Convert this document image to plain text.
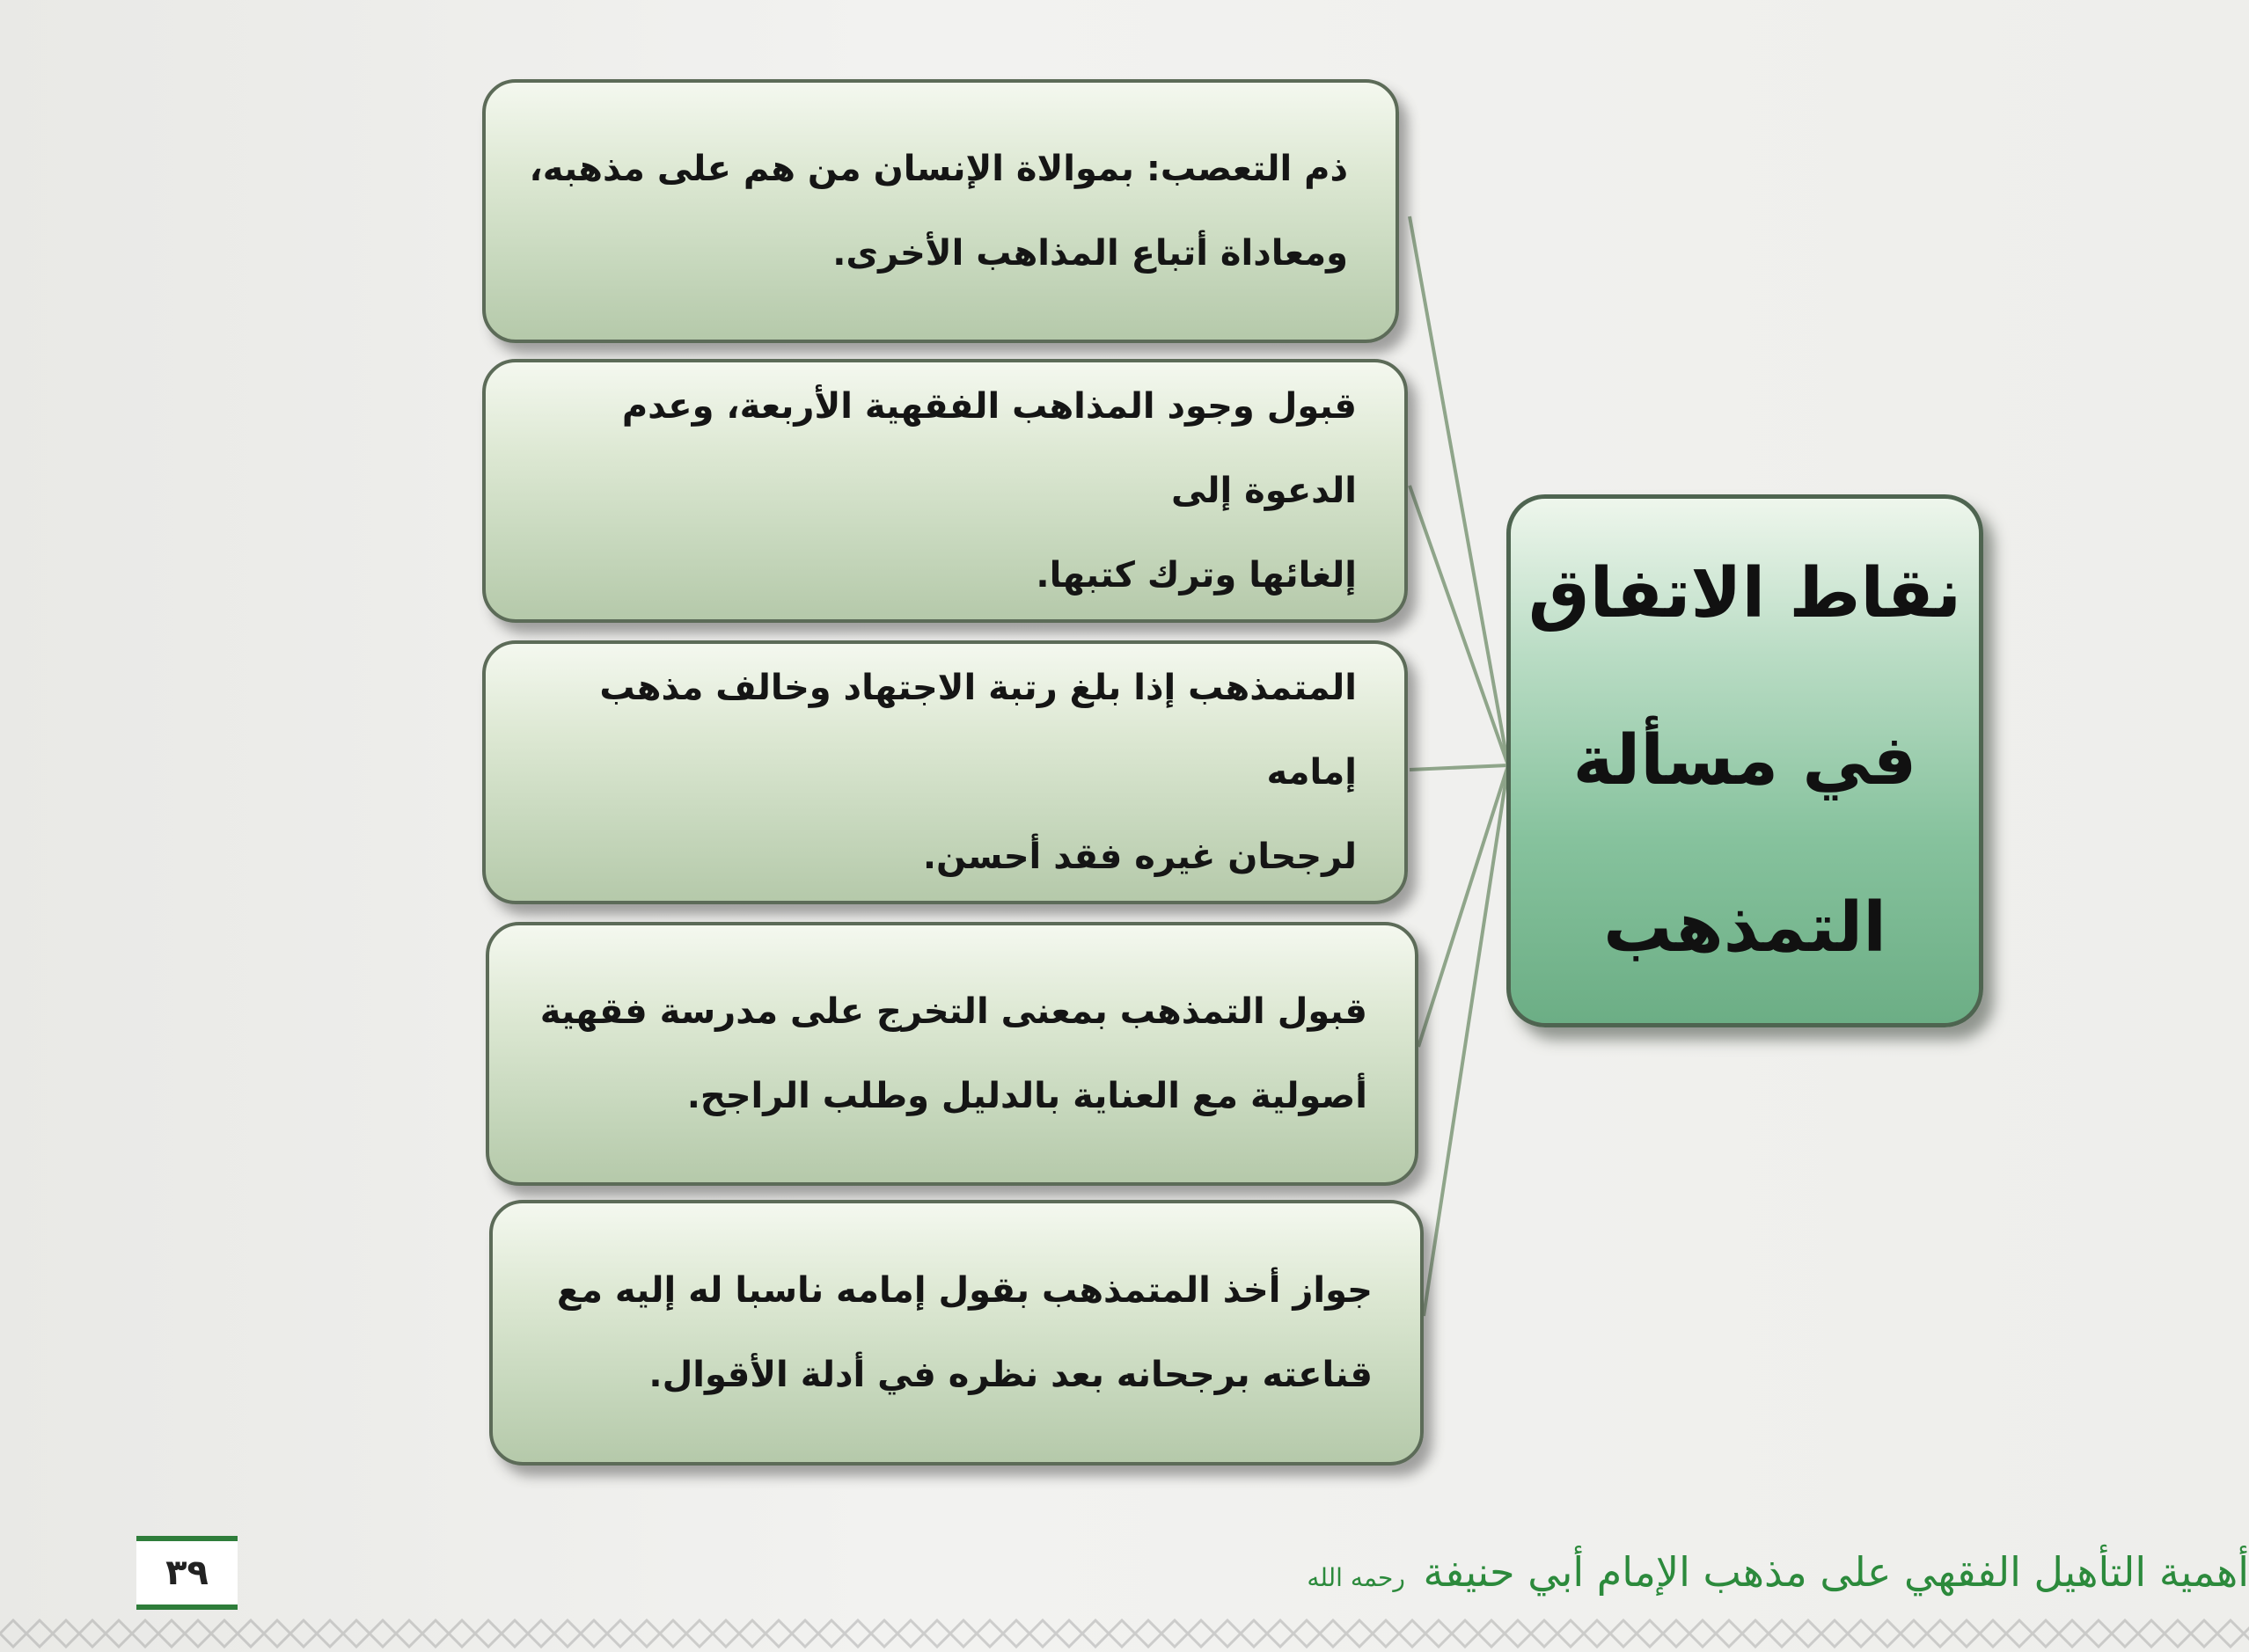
ذم التعصب: بموالاة الإنسان من هم على مذهبه،
ومعاداة أتباع المذاهب الأخرى.
قبول وجود المذاهب الفقهية الأربعة، وعدم الدعوة إلى
إلغائها وترك كتبها.
المتمذهب إذا بلغ رتبة الاجتهاد وخالف مذهب إمامه
لرجحان غيره فقد أحسن.
قبول التمذهب بمعنى التخرج على مدرسة فقهية
أصولية مع العناية بالدليل وطلب الراجح.
جواز أخذ المتمذهب بقول إمامه ناسبا له إليه مع
قناعته برجحانه بعد نظره في أدلة الأقوال.
نقاط الاتفاق
في مسألة التمذهب
٣٩	أهمية التأهيل الفقهي على مذهب الإمام أبي حنيفة رحمه الله
